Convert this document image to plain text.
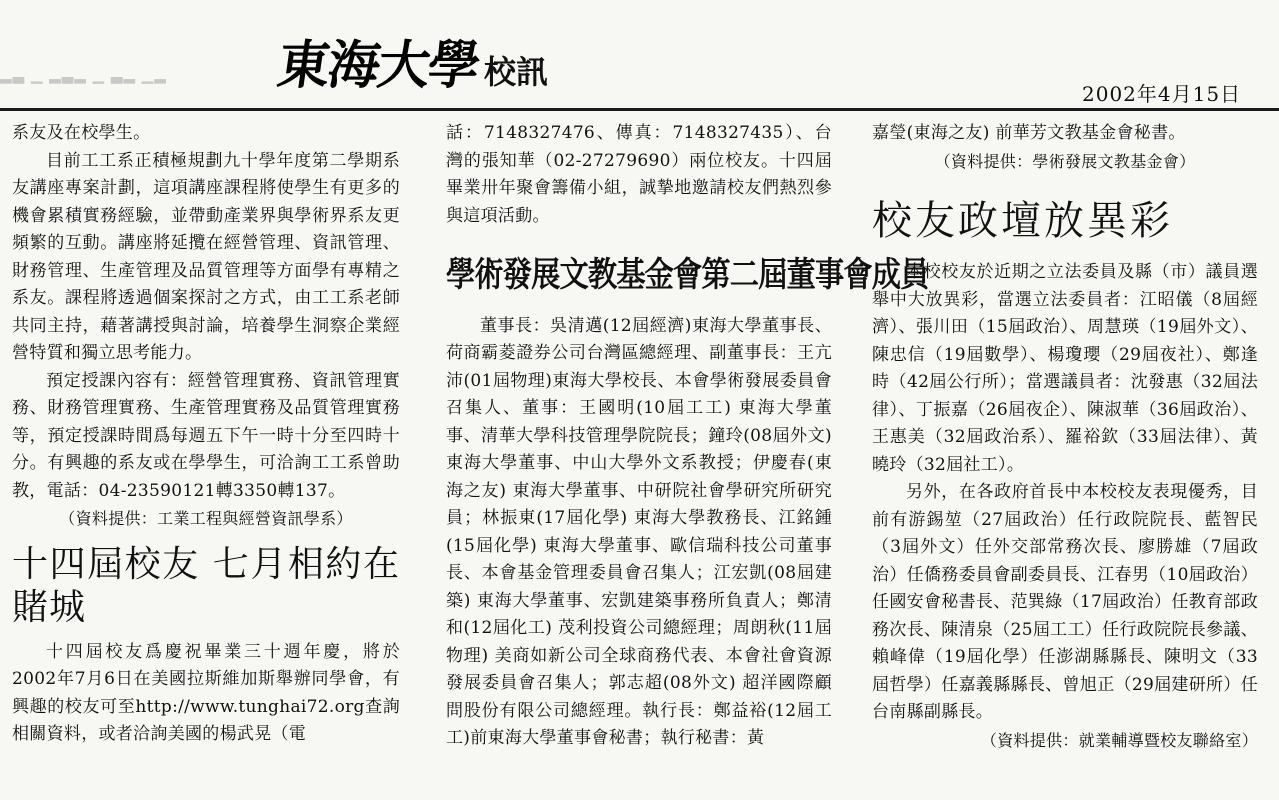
▂▃ ▁ ▂▃▂ ▁ ▃▂ ▁▂ 東海大學 校訊
2002年4月15日

系友及在校學生。

目前工工系正積極規劃九十學年度第二學期系友講座專案計劃，這項講座課程將使學生有更多的機會累積實務經驗，並帶動產業界與學術界系友更頻繁的互動。講座將延攬在經營管理、資訊管理、財務管理、生產管理及品質管理等方面學有專精之系友。課程將透過個案探討之方式，由工工系老師共同主持，藉著講授與討論，培養學生洞察企業經營特質和獨立思考能力。

預定授課內容有：經營管理實務、資訊管理實務、財務管理實務、生產管理實務及品質管理實務等，預定授課時間爲每週五下午一時十分至四時十分。有興趣的系友或在學學生，可洽詢工工系曾助教，電話：04-23590121轉3350轉137。

（資料提供：工業工程與經營資訊學系）

十四屆校友 七月相約在賭城

十四屆校友爲慶祝畢業三十週年慶，將於2002年7月6日在美國拉斯維加斯舉辦同學會，有興趣的校友可至http://www.tunghai72.org查詢相關資料，或者洽詢美國的楊武晃（電

話：7148327476、傳真：7148327435）、台灣的張知華（02-27279690）兩位校友。十四屆畢業卅年聚會籌備小組，誠摯地邀請校友們熱烈參與這項活動。

學術發展文教基金會第二屆董事會成員

董事長：吳清邁(12屆經濟)東海大學董事長、荷商霸菱證券公司台灣區總經理、副董事長：王亢沛(01屆物理)東海大學校長、本會學術發展委員會召集人、董事：王國明(10屆工工) 東海大學董事、清華大學科技管理學院院長；鐘玲(08屆外文) 東海大學董事、中山大學外文系教授；伊慶春(東海之友) 東海大學董事、中研院社會學研究所研究員；林振東(17屆化學) 東海大學教務長、江銘鍾(15屆化學) 東海大學董事、歐信瑞科技公司董事長、本會基金管理委員會召集人；江宏凱(08屆建築) 東海大學董事、宏凱建築事務所負責人；鄭清和(12屆化工) 茂利投資公司總經理；周朗秋(11屆物理) 美商如新公司全球商務代表、本會社會資源發展委員會召集人；郭志超(08外文) 超洋國際顧問股份有限公司總經理。執行長：鄭益裕(12屆工工)前東海大學董事會秘書；執行秘書：黃

嘉瑩(東海之友) 前華芳文教基金會秘書。

（資料提供：學術發展文教基金會）

校友政壇放異彩

本校校友於近期之立法委員及縣（市）議員選舉中大放異彩，當選立法委員者：江昭儀（8屆經濟）、張川田（15屆政治）、周慧瑛（19屆外文）、陳忠信（19屆數學）、楊瓊瓔（29屆夜社）、鄭逢時（42屆公行所）；當選議員者：沈發惠（32屆法律）、丁振嘉（26屆夜企）、陳淑華（36屆政治）、王惠美（32屆政治系）、羅裕欽（33屆法律）、黃曉玲（32屆社工）。

另外，在各政府首長中本校校友表現優秀，目前有游錫堃（27屆政治）任行政院院長、藍智民（3屆外文）任外交部常務次長、廖勝雄（7屆政治）任僑務委員會副委員長、江春男（10屆政治）任國安會秘書長、范巽綠（17屆政治）任教育部政務次長、陳清泉（25屆工工）任行政院院長參議、賴峰偉（19屆化學）任澎湖縣縣長、陳明文（33屆哲學）任嘉義縣縣長、曾旭正（29屆建研所）任台南縣副縣長。

（資料提供：就業輔導暨校友聯絡室）
